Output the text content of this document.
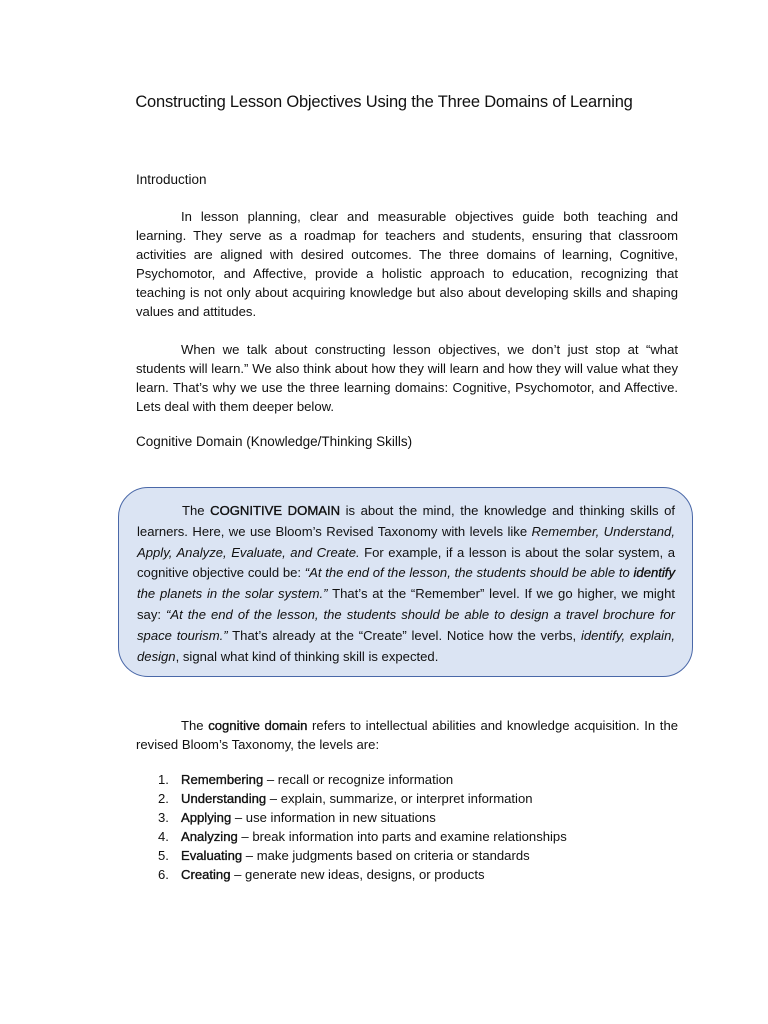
Constructing Lesson Objectives Using the Three Domains of Learning
Introduction

In lesson planning, clear and measurable objectives guide both teaching and learning. They serve as a roadmap for teachers and students, ensuring that classroom activities are aligned with desired outcomes. The three domains of learning, Cognitive, Psychomotor, and Affective, provide a holistic approach to education, recognizing that teaching is not only about acquiring knowledge but also about developing skills and shaping values and attitudes.

When we talk about constructing lesson objectives, we don’t just stop at “what students will learn.” We also think about how they will learn and how they will value what they learn. That’s why we use the three learning domains: Cognitive, Psychomotor, and Affective. Lets deal with them deeper below.

Cognitive Domain (Knowledge/Thinking Skills)

The COGNITIVE DOMAIN is about the mind, the knowledge and thinking skills of learners. Here, we use Bloom’s Revised Taxonomy with levels like Remember, Understand, Apply, Analyze, Evaluate, and Create. For example, if a lesson is about the solar system, a cognitive objective could be: “At the end of the lesson, the students should be able to identify the planets in the solar system.” That’s at the “Remember” level. If we go higher, we might say: “At the end of the lesson, the students should be able to design a travel brochure for space tourism.” That’s already at the “Create” level. Notice how the verbs, identify, explain, design, signal what kind of thinking skill is expected.

The cognitive domain refers to intellectual abilities and knowledge acquisition. In the revised Bloom’s Taxonomy, the levels are:

1. Remembering – recall or recognize information
2. Understanding – explain, summarize, or interpret information
3. Applying – use information in new situations
4. Analyzing – break information into parts and examine relationships
5. Evaluating – make judgments based on criteria or standards
6. Creating – generate new ideas, designs, or products
